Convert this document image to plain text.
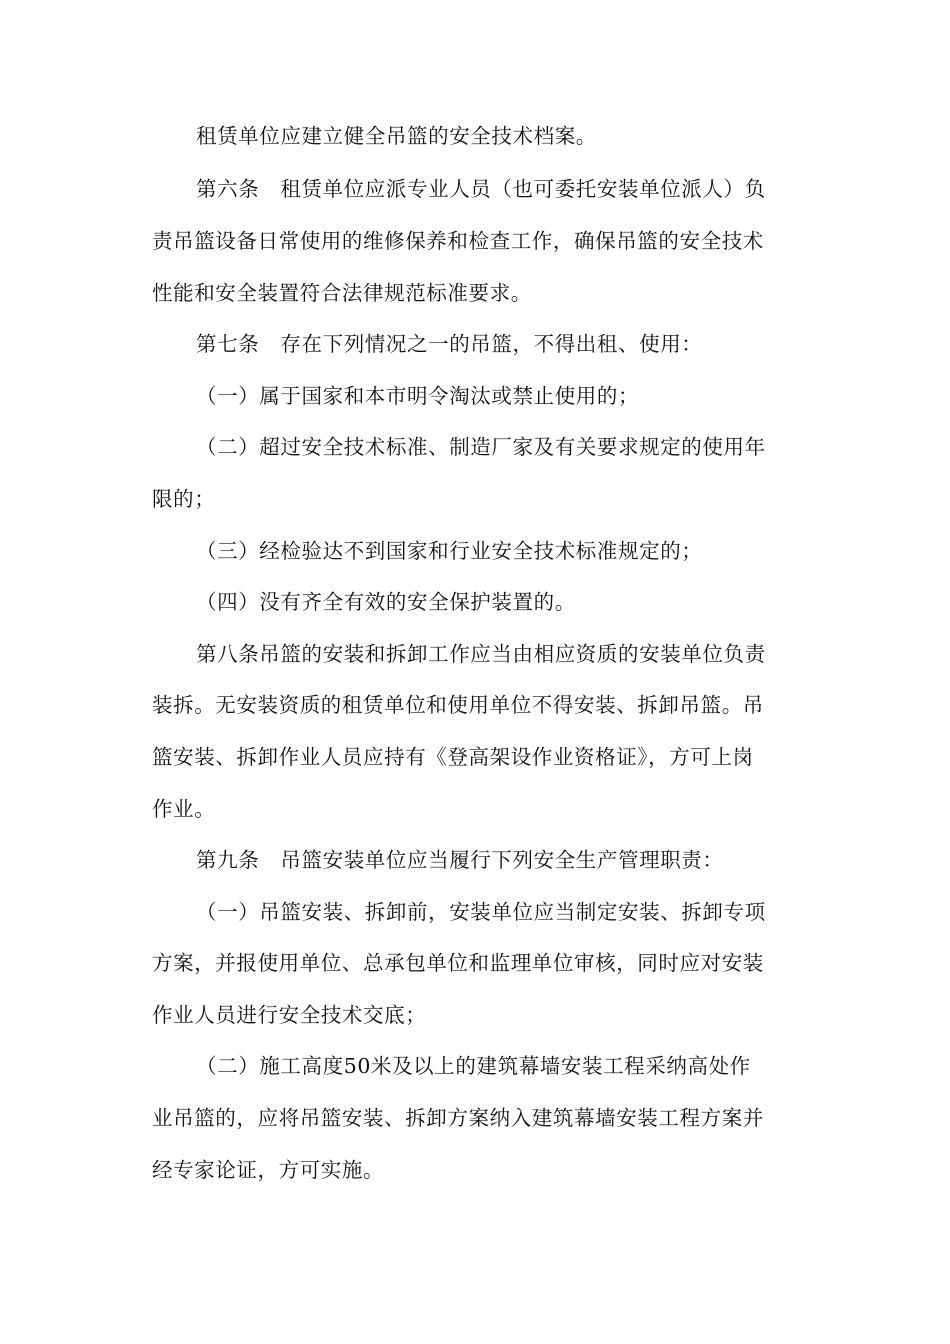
租赁单位应建立健全吊篮的安全技术档案。
第六条　租赁单位应派专业人员（也可委托安装单位派人）负
责吊篮设备日常使用的维修保养和检查工作，确保吊篮的安全技术
性能和安全装置符合法律规范标准要求。
第七条　存在下列情况之一的吊篮，不得出租、使用：
（一）属于国家和本市明令淘汰或禁止使用的；
（二）超过安全技术标准、制造厂家及有关要求规定的使用年
限的；
（三）经检验达不到国家和行业安全技术标准规定的；
（四）没有齐全有效的安全保护装置的。
第八条吊篮的安装和拆卸工作应当由相应资质的安装单位负责
装拆。无安装资质的租赁单位和使用单位不得安装、拆卸吊篮。吊
篮安装、拆卸作业人员应持有《登高架设作业资格证》，方可上岗
作业。
第九条　吊篮安装单位应当履行下列安全生产管理职责：
（一）吊篮安装、拆卸前，安装单位应当制定安装、拆卸专项
方案，并报使用单位、总承包单位和监理单位审核，同时应对安装
作业人员进行安全技术交底；
（二）施工高度50米及以上的建筑幕墙安装工程采纳高处作
业吊篮的，应将吊篮安装、拆卸方案纳入建筑幕墙安装工程方案并
经专家论证，方可实施。
